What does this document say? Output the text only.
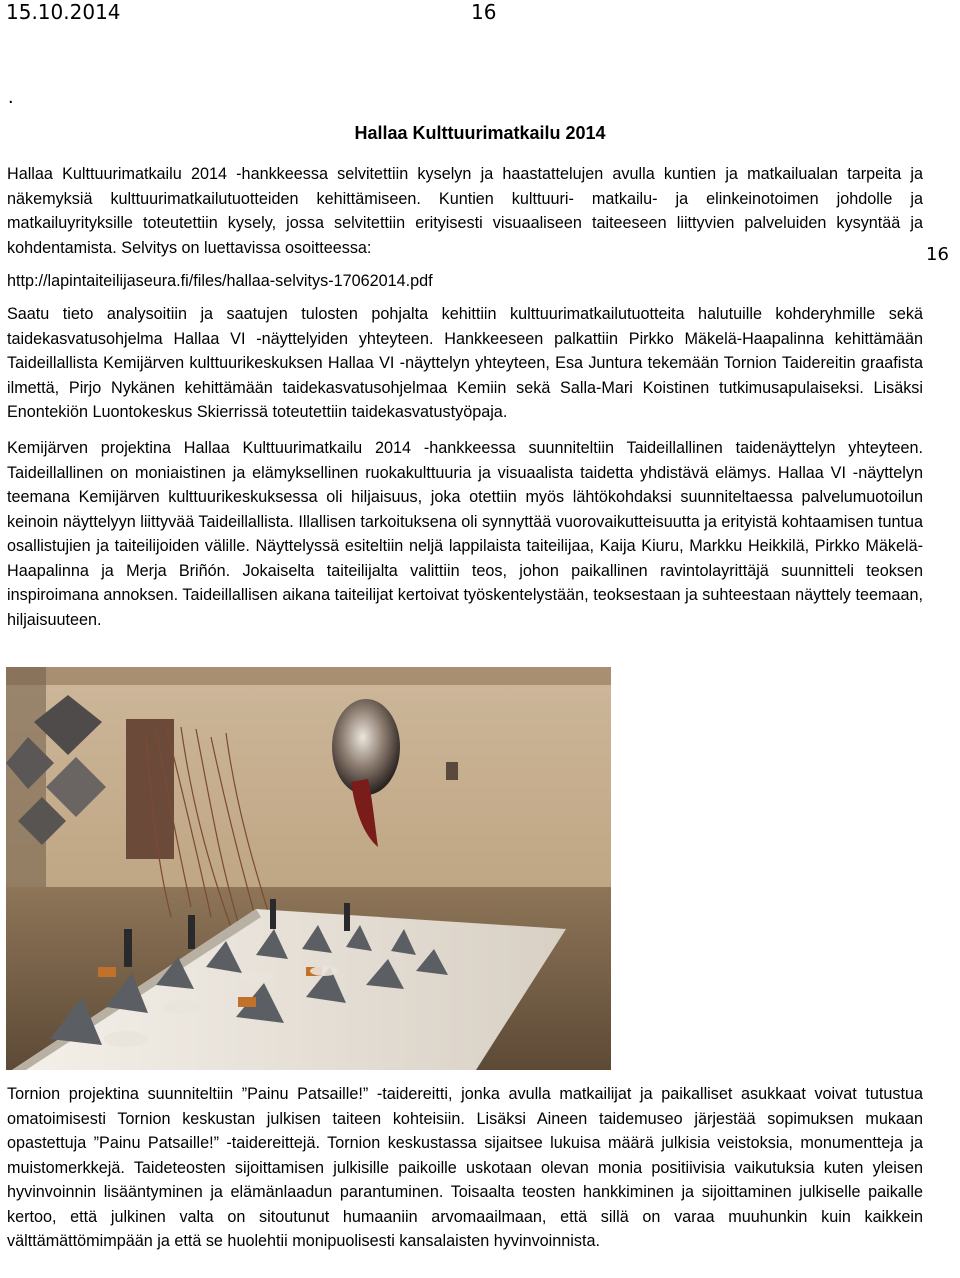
15.10.2014	16
.
Hallaa Kulttuurimatkailu 2014
16

Hallaa Kulttuurimatkailu 2014 -hankkeessa selvitettiin kyselyn ja haastattelujen avulla kuntien ja matkailualan tarpeita ja näkemyksiä kulttuurimatkailutuotteiden kehittämiseen. Kuntien kulttuuri- matkailu- ja elinkeinotoimen johdolle ja matkailuyrityksille toteutettiin kysely, jossa selvitettiin erityisesti visuaaliseen taiteeseen liittyvien palveluiden kysyntää ja kohdentamista. Selvitys on luettavissa osoitteessa:

http://lapintaiteilijaseura.fi/files/hallaa-selvitys-17062014.pdf

Saatu tieto analysoitiin ja saatujen tulosten pohjalta kehittiin kulttuurimatkailutuotteita halutuille kohderyhmille sekä taidekasvatusohjelma Hallaa VI -näyttelyiden yhteyteen. Hankkeeseen palkattiin Pirkko Mäkelä-Haapalinna kehittämään Taideillallista Kemijärven kulttuurikeskuksen Hallaa VI -näyttelyn yhteyteen, Esa Juntura tekemään Tornion Taidereitin graafista ilmettä, Pirjo Nykänen kehittämään taidekasvatusohjelmaa Kemiin sekä Salla-Mari Koistinen tutkimusapulaiseksi. Lisäksi Enontekiön Luontokeskus Skierrissä toteutettiin taidekasvatustyöpaja.

Kemijärven projektina Hallaa Kulttuurimatkailu 2014 -hankkeessa suunniteltiin Taideillallinen taidenäyttelyn yhteyteen. Taideillallinen on moniaistinen ja elämyksellinen ruokakulttuuria ja visuaalista taidetta yhdistävä elämys. Hallaa VI -näyttelyn teemana Kemijärven kulttuurikeskuksessa oli hiljaisuus, joka otettiin myös lähtökohdaksi suunniteltaessa palvelumuotoilun keinoin näyttelyyn liittyvää Taideillallista. Illallisen tarkoituksena oli synnyttää vuorovaikutteisuutta ja erityistä kohtaamisen tuntua osallistujien ja taiteilijoiden välille. Näyttelyssä esiteltiin neljä lappilaista taiteilijaa, Kaija Kiuru, Markku Heikkilä, Pirkko Mäkelä-Haapalinna ja Merja Briñón. Jokaiselta taiteilijalta valittiin teos, johon paikallinen ravintolayrittäjä suunnitteli teoksen inspiroimana annoksen. Taideillallisen aikana taiteilijat kertoivat työskentelystään, teoksestaan ja suhteestaan näyttely teemaan, hiljaisuuteen.

Tornion projektina suunniteltiin ”Painu Patsaille!” -taidereitti, jonka avulla matkailijat ja paikalliset asukkaat voivat tutustua omatoimisesti Tornion keskustan julkisen taiteen kohteisiin. Lisäksi Aineen taidemuseo järjestää sopimuksen mukaan opastettuja ”Painu Patsaille!” -taidereittejä. Tornion keskustassa sijaitsee lukuisa määrä julkisia veistoksia, monumentteja ja muistomerkkejä. Taideteosten sijoittamisen julkisille paikoille uskotaan olevan monia positiivisia vaikutuksia kuten yleisen hyvinvoinnin lisääntyminen ja elämänlaadun parantuminen. Toisaalta teosten hankkiminen ja sijoittaminen julkiselle paikalle kertoo, että julkinen valta on sitoutunut humaaniin arvomaailmaan, että sillä on varaa muuhunkin kuin kaikkein välttämättömimpään ja että se huolehtii monipuolisesti kansalaisten hyvinvoinnista.
